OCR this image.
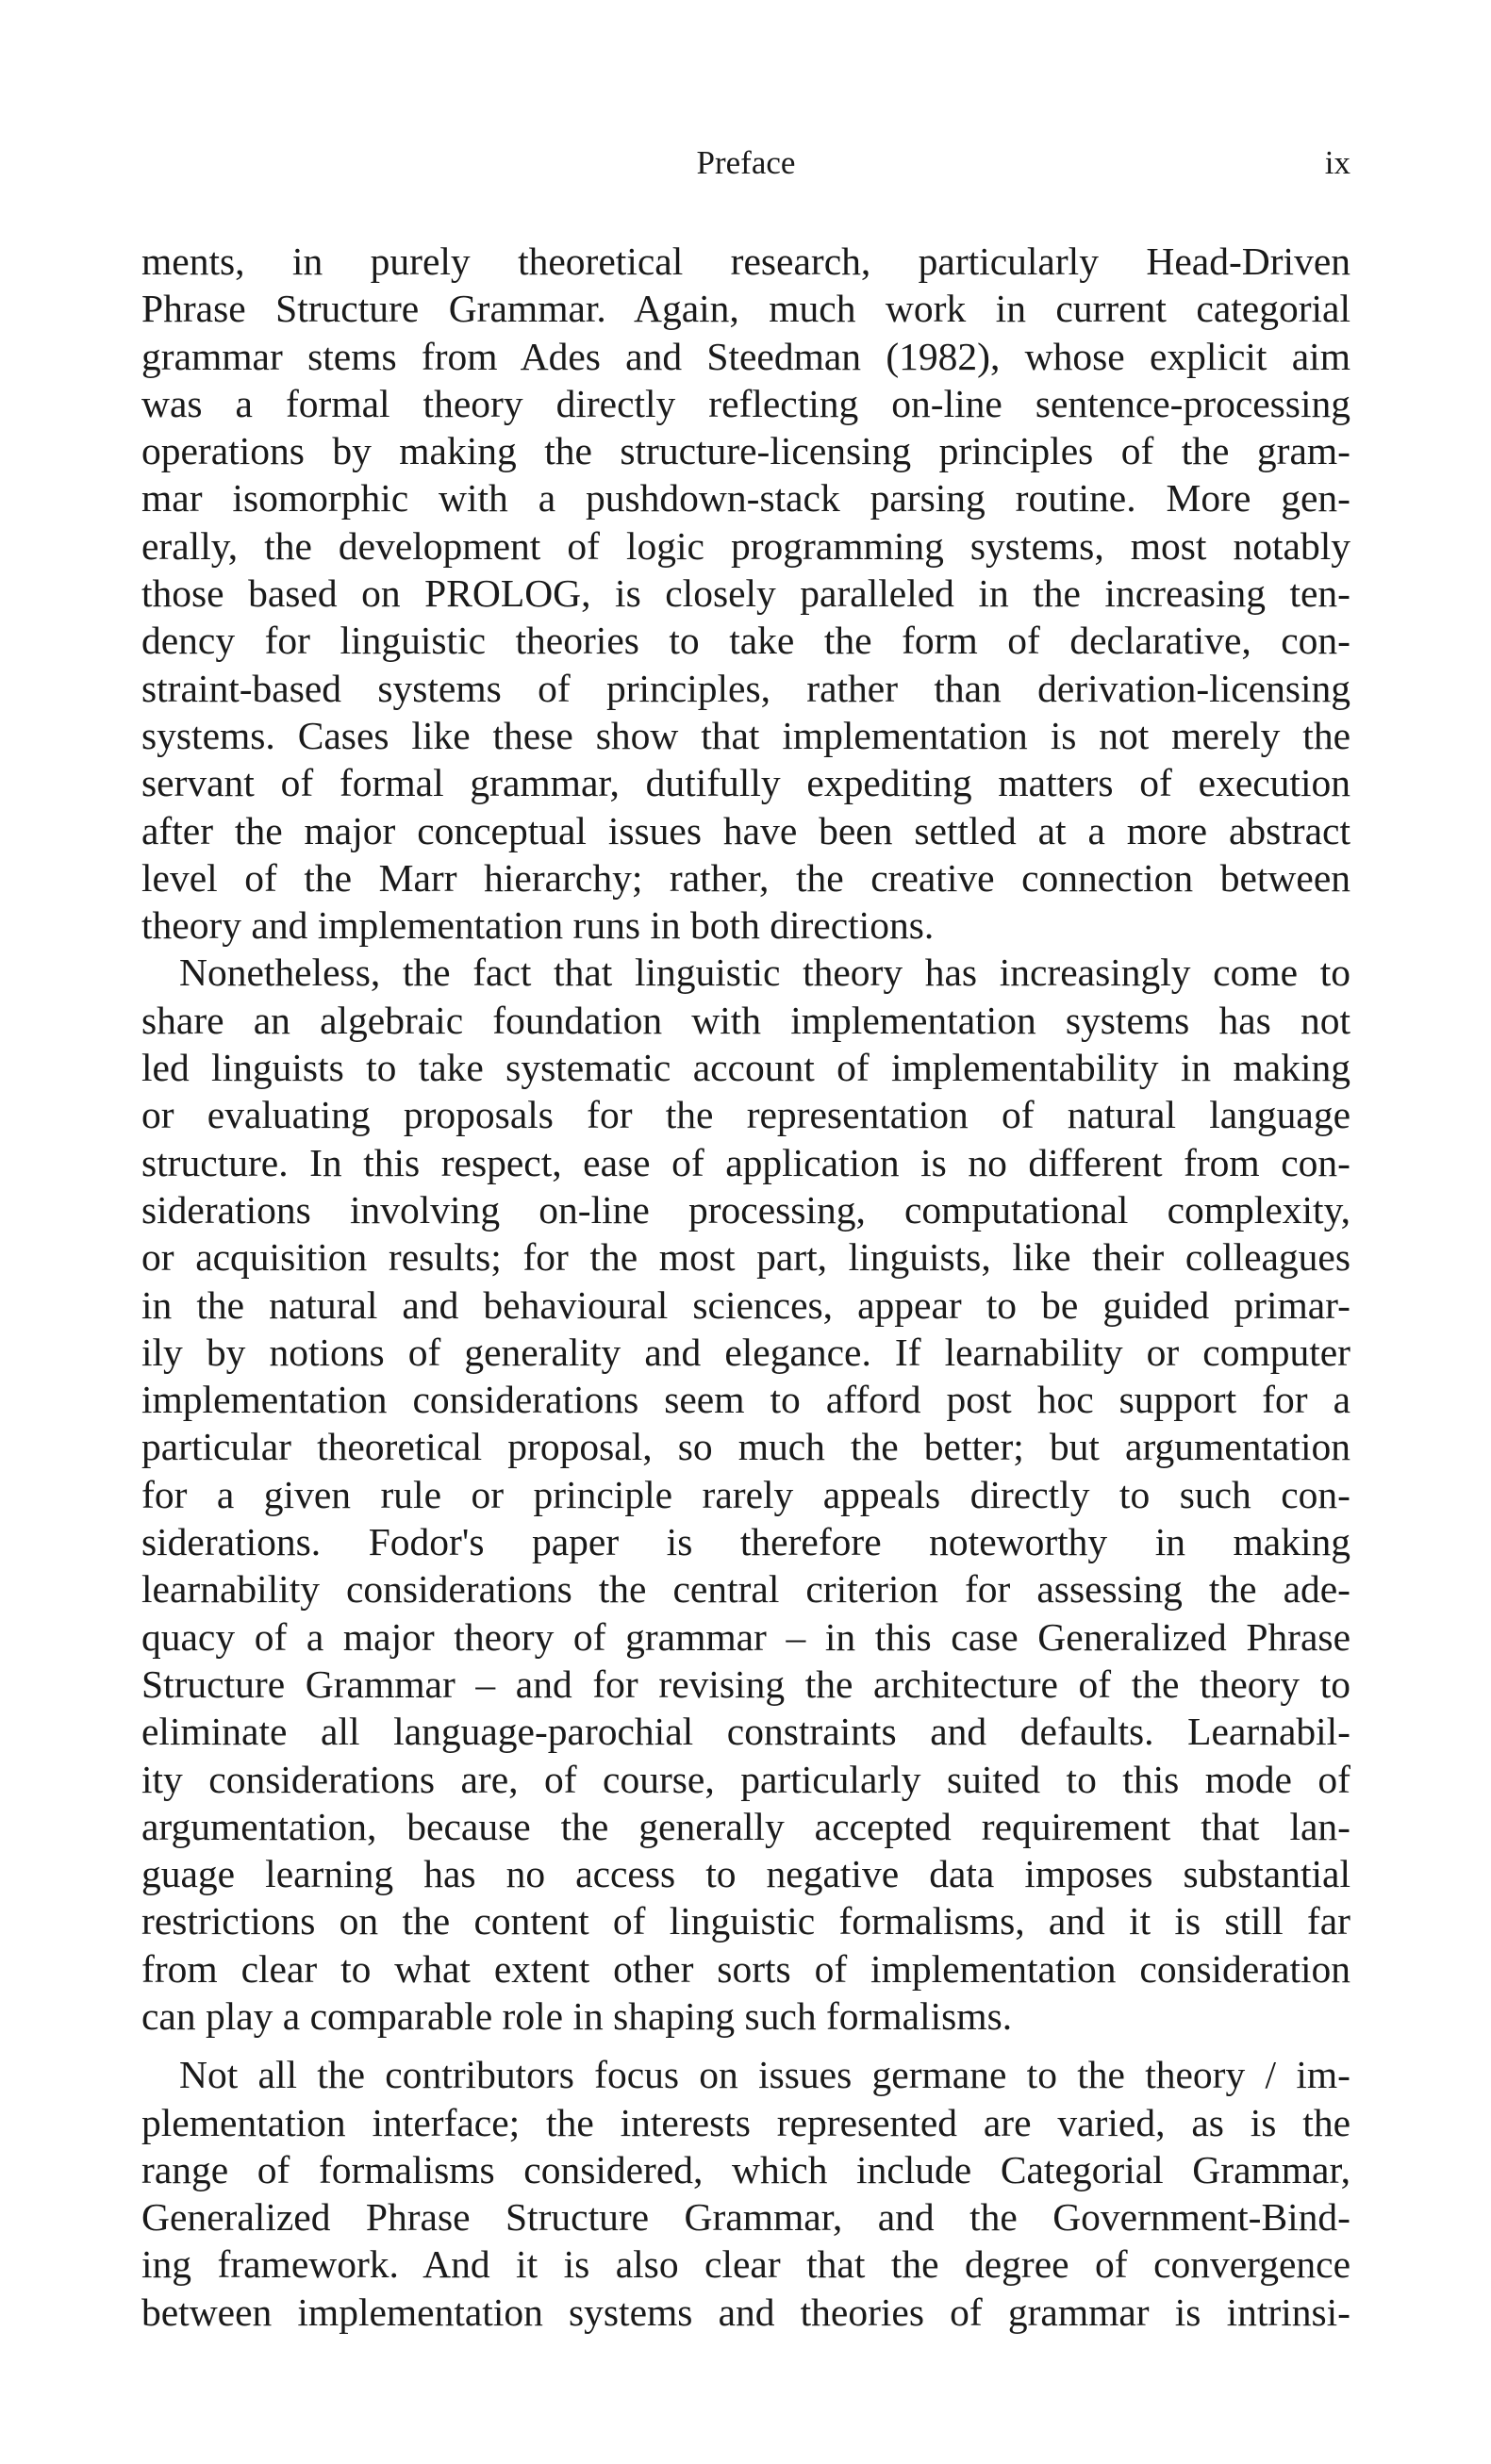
Preface	ix
ments, in purely theoretical research, particularly Head-Driven
Phrase Structure Grammar. Again, much work in current categorial
grammar stems from Ades and Steedman (1982), whose explicit aim
was a formal theory directly reflecting on-line sentence-processing
operations by making the structure-licensing principles of the gram-
mar isomorphic with a pushdown-stack parsing routine. More gen-
erally, the development of logic programming systems, most notably
those based on PROLOG, is closely paralleled in the increasing ten-
dency for linguistic theories to take the form of declarative, con-
straint-based systems of principles, rather than derivation-licensing
systems. Cases like these show that implementation is not merely the
servant of formal grammar, dutifully expediting matters of execution
after the major conceptual issues have been settled at a more abstract
level of the Marr hierarchy; rather, the creative connection between
theory and implementation runs in both directions.
Nonetheless, the fact that linguistic theory has increasingly come to
share an algebraic foundation with implementation systems has not
led linguists to take systematic account of implementability in making
or evaluating proposals for the representation of natural language
structure. In this respect, ease of application is no different from con-
siderations involving on-line processing, computational complexity,
or acquisition results; for the most part, linguists, like their colleagues
in the natural and behavioural sciences, appear to be guided primar-
ily by notions of generality and elegance. If learnability or computer
implementation considerations seem to afford post hoc support for a
particular theoretical proposal, so much the better; but argumentation
for a given rule or principle rarely appeals directly to such con-
siderations. Fodor's paper is therefore noteworthy in making
learnability considerations the central criterion for assessing the ade-
quacy of a major theory of grammar – in this case Generalized Phrase
Structure Grammar – and for revising the architecture of the theory to
eliminate all language-parochial constraints and defaults. Learnabil-
ity considerations are, of course, particularly suited to this mode of
argumentation, because the generally accepted requirement that lan-
guage learning has no access to negative data imposes substantial
restrictions on the content of linguistic formalisms, and it is still far
from clear to what extent other sorts of implementation consideration
can play a comparable role in shaping such formalisms.
Not all the contributors focus on issues germane to the theory / im-
plementation interface; the interests represented are varied, as is the
range of formalisms considered, which include Categorial Grammar,
Generalized Phrase Structure Grammar, and the Government-Bind-
ing framework. And it is also clear that the degree of convergence
between implementation systems and theories of grammar is intrinsi-
